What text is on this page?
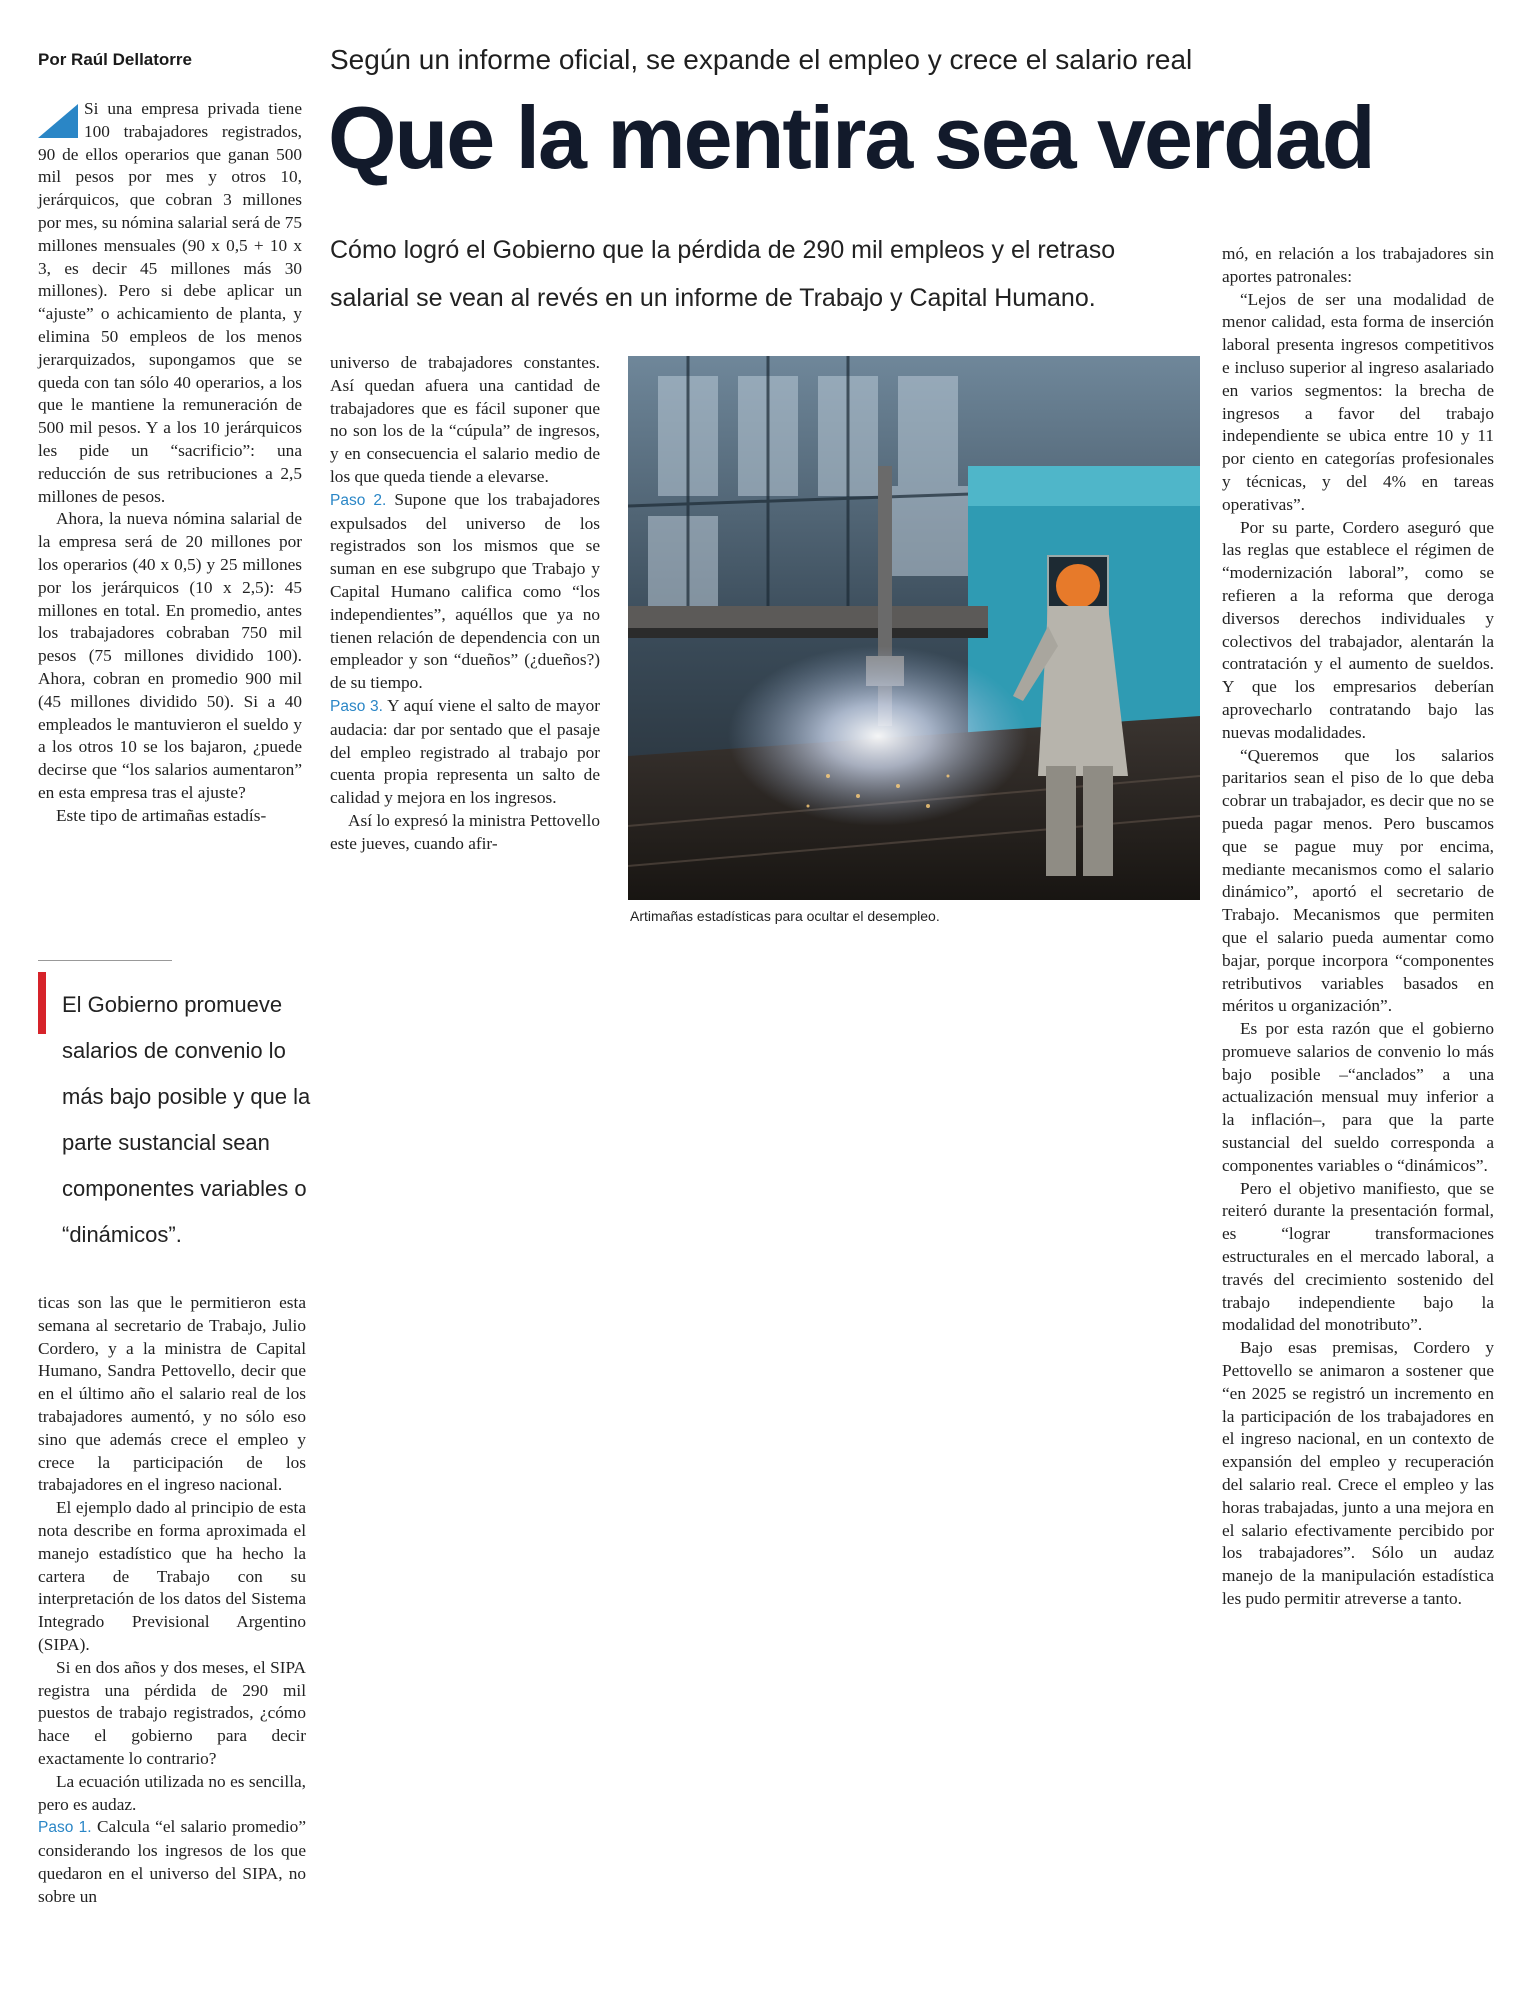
Por Raúl Dellatorre	Según un informe oficial, se expande el empleo y crece el salario real
Que la mentira sea verdad
Cómo logró el Gobierno que la pérdida de 290 mil empleos y el retraso salarial se vean al revés en un informe de Trabajo y Capital Humano.

Si una empresa privada tiene 100 trabajadores registrados, 90 de ellos operarios que ganan 500 mil pesos por mes y otros 10, jerárquicos, que cobran 3 millones por mes, su nómina salarial será de 75 millones mensuales (90 x 0,5 + 10 x 3, es decir 45 millones más 30 millones). Pero si debe aplicar un “ajuste” o achicamiento de planta, y elimina 50 empleos de los menos jerarquizados, supongamos que se queda con tan sólo 40 operarios, a los que le mantiene la remuneración de 500 mil pesos. Y a los 10 jerárquicos les pide un “sacrificio”: una reducción de sus retribuciones a 2,5 millones de pesos.

Ahora, la nueva nómina salarial de la empresa será de 20 millones por los operarios (40 x 0,5) y 25 millones por los jerárquicos (10 x 2,5): 45 millones en total. En promedio, antes los trabajadores cobraban 750 mil pesos (75 millones dividido 100). Ahora, cobran en promedio 900 mil (45 millones dividido 50). Si a 40 empleados le mantuvieron el sueldo y a los otros 10 se los bajaron, ¿puede decirse que “los salarios aumentaron” en esta empresa tras el ajuste?

Este tipo de artimañas estadís-

El Gobierno promueve salarios de convenio lo más bajo posible y que la parte sustancial sean componentes variables o “dinámicos”.

ticas son las que le permitieron esta semana al secretario de Trabajo, Julio Cordero, y a la ministra de Capital Humano, Sandra Pettovello, decir que en el último año el salario real de los trabajadores aumentó, y no sólo eso sino que además crece el empleo y crece la participación de los trabajadores en el ingreso nacional.

El ejemplo dado al principio de esta nota describe en forma aproximada el manejo estadístico que ha hecho la cartera de Trabajo con su interpretación de los datos del Sistema Integrado Previsional Argentino (SIPA).

Si en dos años y dos meses, el SIPA registra una pérdida de 290 mil puestos de trabajo registrados, ¿cómo hace el gobierno para decir exactamente lo contrario?

La ecuación utilizada no es sencilla, pero es audaz.

Paso 1. Calcula “el salario promedio” considerando los ingresos de los que quedaron en el universo del SIPA, no sobre un

universo de trabajadores constantes. Así quedan afuera una cantidad de trabajadores que es fácil suponer que no son los de la “cúpula” de ingresos, y en consecuencia el salario medio de los que queda tiende a elevarse.

Paso 2. Supone que los trabajadores expulsados del universo de los registrados son los mismos que se suman en ese subgrupo que Trabajo y Capital Humano califica como “los independientes”, aquéllos que ya no tienen relación de dependencia con un empleador y son “dueños” (¿dueños?) de su tiempo.

Paso 3. Y aquí viene el salto de mayor audacia: dar por sentado que el pasaje del empleo registrado al trabajo por cuenta propia representa un salto de calidad y mejora en los ingresos.

Así lo expresó la ministra Pettovello este jueves, cuando afir-

Artimañas estadísticas para ocultar el desempleo.

mó, en relación a los trabajadores sin aportes patronales:

“Lejos de ser una modalidad de menor calidad, esta forma de inserción laboral presenta ingresos competitivos e incluso superior al ingreso asalariado en varios segmentos: la brecha de ingresos a favor del trabajo independiente se ubica entre 10 y 11 por ciento en categorías profesionales y técnicas, y del 4% en tareas operativas”.

Por su parte, Cordero aseguró que las reglas que establece el régimen de “modernización laboral”, como se refieren a la reforma que deroga diversos derechos individuales y colectivos del trabajador, alentarán la contratación y el aumento de sueldos. Y que los empresarios deberían aprovecharlo contratando bajo las nuevas modalidades.

“Queremos que los salarios paritarios sean el piso de lo que deba cobrar un trabajador, es decir que no se pueda pagar menos. Pero buscamos que se pague muy por encima, mediante mecanismos como el salario dinámico”, aportó el secretario de Trabajo. Mecanismos que permiten que el salario pueda aumentar como bajar, porque incorpora “componentes retributivos variables basados en méritos u organización”.

Es por esta razón que el gobierno promueve salarios de convenio lo más bajo posible –“anclados” a una actualización mensual muy inferior a la inflación–, para que la parte sustancial del sueldo corresponda a componentes variables o “dinámicos”.

Pero el objetivo manifiesto, que se reiteró durante la presentación formal, es “lograr transformaciones estructurales en el mercado laboral, a través del crecimiento sostenido del trabajo independiente bajo la modalidad del monotributo”.

Bajo esas premisas, Cordero y Pettovello se animaron a sostener que “en 2025 se registró un incremento en la participación de los trabajadores en el ingreso nacional, en un contexto de expansión del empleo y recuperación del salario real. Crece el empleo y las horas trabajadas, junto a una mejora en el salario efectivamente percibido por los trabajadores”. Sólo un audaz manejo de la manipulación estadística les pudo permitir atreverse a tanto.
